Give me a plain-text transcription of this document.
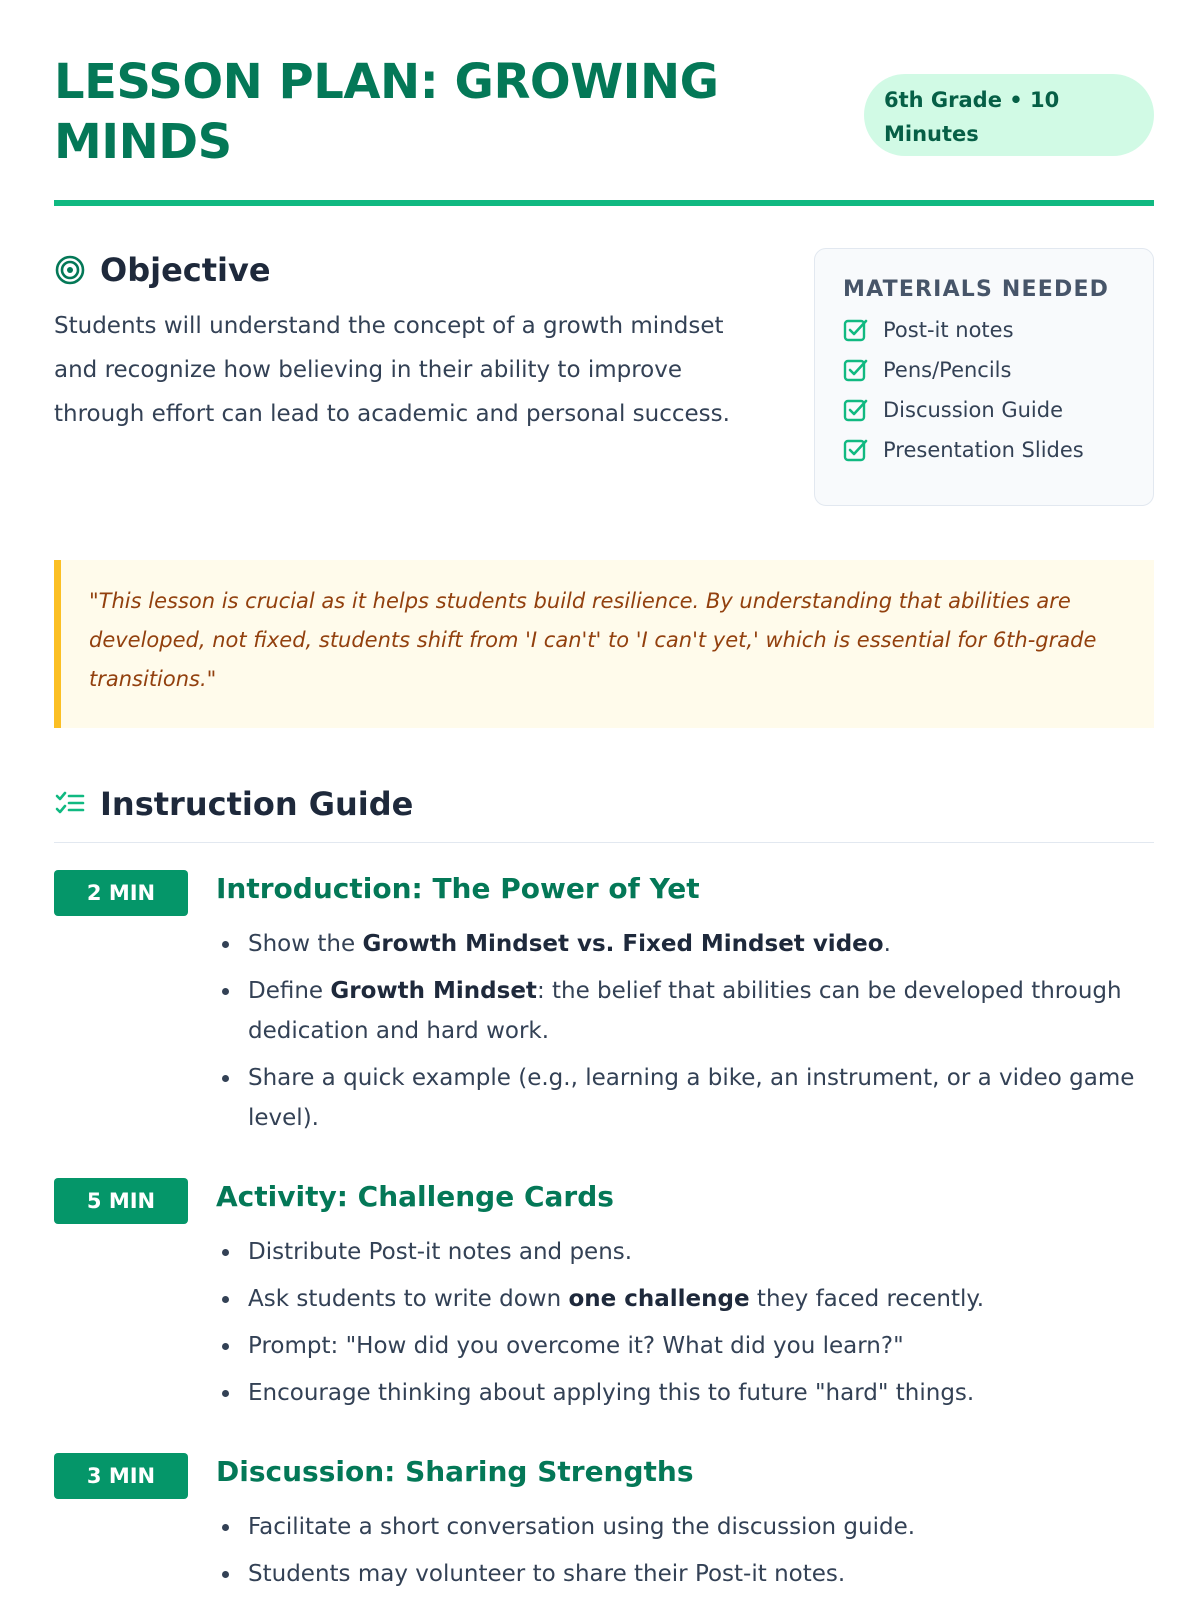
LESSON PLAN: GROWING MINDS
6th Grade • 10 Minutes
Objective

Students will understand the concept of a growth mindset and recognize how believing in their ability to improve through effort can lead to academic and personal success.

MATERIALS NEEDED
Post-it notes
Pens/Pencils
Discussion Guide
Presentation Slides
"This lesson is crucial as it helps students build resilience. By understanding that abilities are developed, not fixed, students shift from 'I can't' to 'I can't yet,' which is essential for 6th-grade transitions."
Instruction Guide
2 MIN	Introduction: The Power of Yet
Show the Growth Mindset vs. Fixed Mindset video.
Define Growth Mindset: the belief that abilities can be developed through dedication and hard work.
Share a quick example (e.g., learning a bike, an instrument, or a video game level).
5 MIN	Activity: Challenge Cards
Distribute Post-it notes and pens.
Ask students to write down one challenge they faced recently.
Prompt: "How did you overcome it? What did you learn?"
Encourage thinking about applying this to future "hard" things.
3 MIN	Discussion: Sharing Strengths
Facilitate a short conversation using the discussion guide.
Students may volunteer to share their Post-it notes.
